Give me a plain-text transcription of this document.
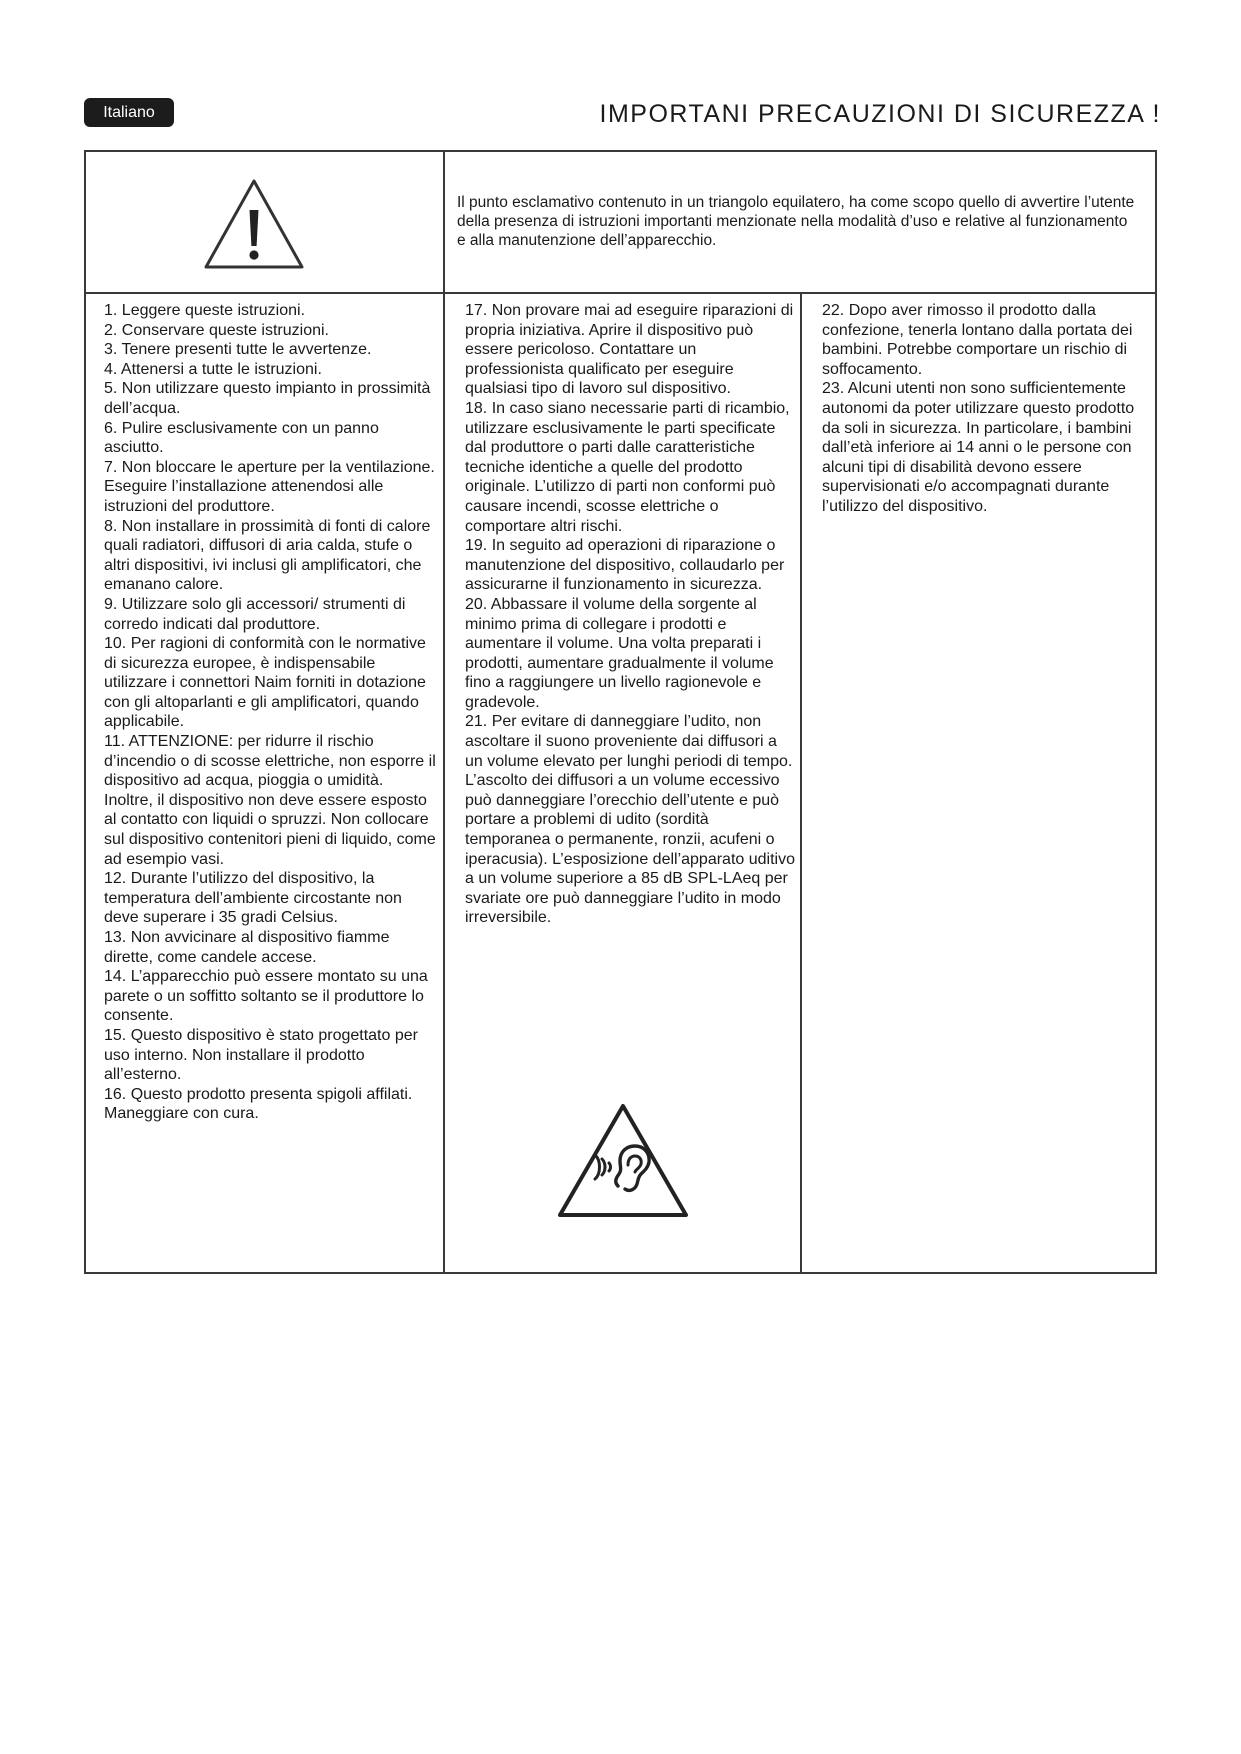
Italiano	IMPORTANI PRECAUZIONI DI SICUREZZA !

Il punto esclamativo contenuto in un triangolo equilatero, ha come scopo quello di avvertire l’utente della presenza di istruzioni importanti menzionate nella modalità d’uso e relative al funzionamento e alla manutenzione dell’apparecchio.

1. Leggere queste istruzioni.

2. Conservare queste istruzioni.

3. Tenere presenti tutte le avvertenze.

4. Attenersi a tutte le istruzioni.

5. Non utilizzare questo impianto in prossimità dell’acqua.

6. Pulire esclusivamente con un panno asciutto.

7. Non bloccare le aperture per la ventilazione. Eseguire l’installazione attenendosi alle istruzioni del produttore.

8. Non installare in prossimità di fonti di calore quali radiatori, diffusori di aria calda, stufe o altri dispositivi, ivi inclusi gli amplificatori, che emanano calore.

9. Utilizzare solo gli accessori/ strumenti di corredo indicati dal produttore.

10. Per ragioni di conformità con le normative di sicurezza europee, è indispensabile utilizzare i connettori Naim forniti in dotazione con gli altoparlanti e gli amplificatori, quando applicabile.

11. ATTENZIONE: per ridurre il rischio d’incendio o di scosse elettriche, non esporre il dispositivo ad acqua, pioggia o umidità. Inoltre, il dispositivo non deve essere esposto al contatto con liquidi o spruzzi. Non collocare sul dispositivo contenitori pieni di liquido, come ad esempio vasi.

12. Durante l’utilizzo del dispositivo, la temperatura dell’ambiente circostante non deve superare i 35 gradi Celsius.

13. Non avvicinare al dispositivo fiamme dirette, come candele accese.

14. L’apparecchio può essere montato su una parete o un soffitto soltanto se il produttore lo consente.

15. Questo dispositivo è stato progettato per uso interno. Non installare il prodotto all’esterno.

16. Questo prodotto presenta spigoli affilati. Maneggiare con cura.

17. Non provare mai ad eseguire riparazioni di propria iniziativa. Aprire il dispositivo può essere pericoloso. Contattare un professionista qualificato per eseguire qualsiasi tipo di lavoro sul dispositivo.

18. In caso siano necessarie parti di ricambio, utilizzare esclusivamente le parti specificate dal produttore o parti dalle caratteristiche tecniche identiche a quelle del prodotto originale. L’utilizzo di parti non conformi può causare incendi, scosse elettriche o comportare altri rischi.

19. In seguito ad operazioni di riparazione o manutenzione del dispositivo, collaudarlo per assicurarne il funzionamento in sicurezza.

20. Abbassare il volume della sorgente al minimo prima di collegare i prodotti e aumentare il volume. Una volta preparati i prodotti, aumentare gradualmente il volume fino a raggiungere un livello ragionevole e gradevole.

21. Per evitare di danneggiare l’udito, non ascoltare il suono proveniente dai diffusori a un volume elevato per lunghi periodi di tempo. L’ascolto dei diffusori a un volume eccessivo può danneggiare l’orecchio dell’utente e può portare a problemi di udito (sordità temporanea o permanente, ronzii, acufeni o iperacusia). L’esposizione dell’apparato uditivo a un volume superiore a 85 dB SPL-LAeq per svariate ore può danneggiare l’udito in modo irreversibile.

22. Dopo aver rimosso il prodotto dalla confezione, tenerla lontano dalla portata dei bambini. Potrebbe comportare un rischio di soffocamento.

23. Alcuni utenti non sono sufficientemente autonomi da poter utilizzare questo prodotto da soli in sicurezza. In particolare, i bambini dall’età inferiore ai 14 anni o le persone con alcuni tipi di disabilità devono essere supervisionati e/o accompagnati durante l’utilizzo del dispositivo.
